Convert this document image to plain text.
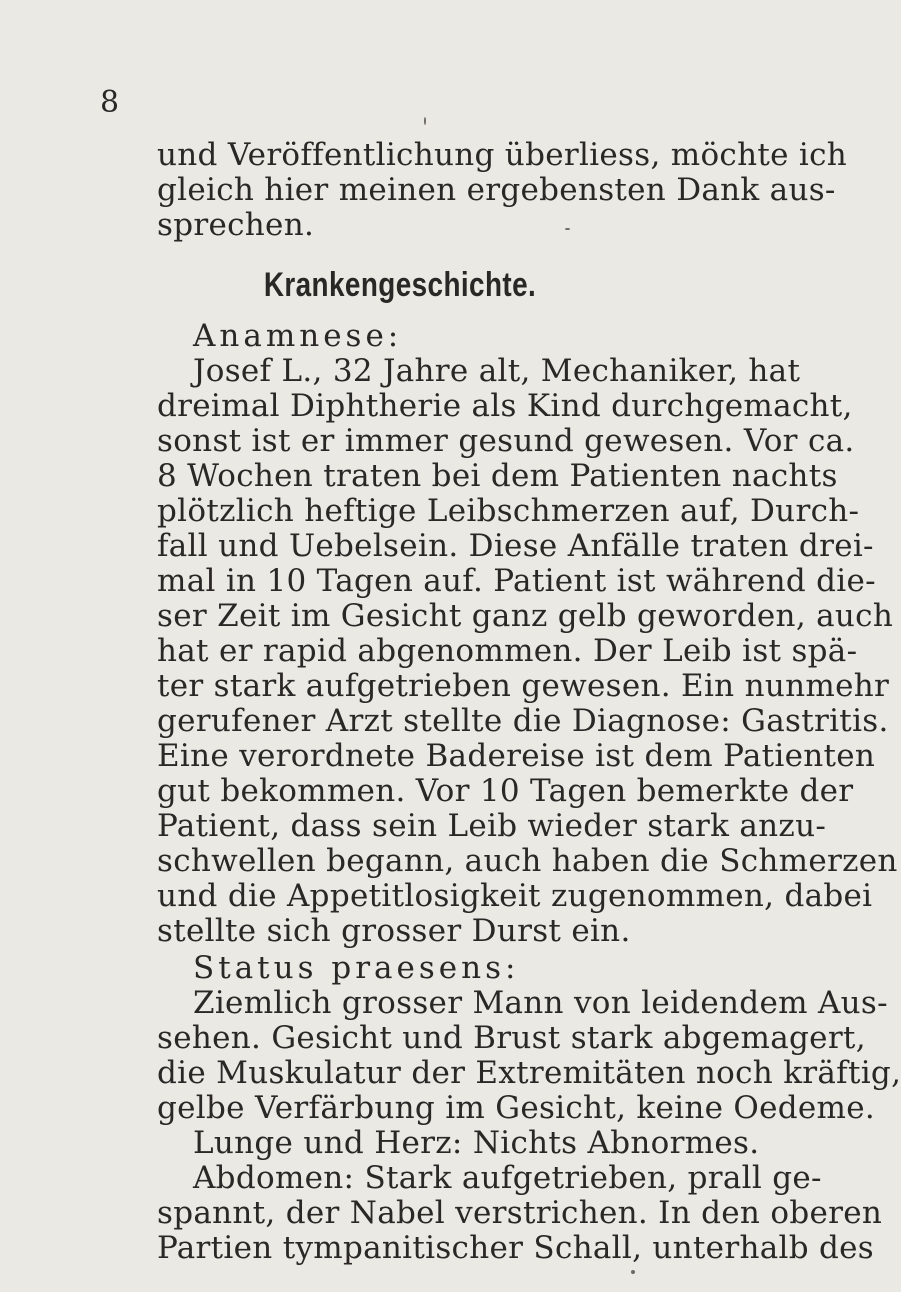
8
und Veröffentlichung überliess, möchte ich
gleich hier meinen ergebensten Dank aus-
sprechen.
Krankengeschichte.
Anamnese:
Josef L., 32 Jahre alt, Mechaniker, hat
dreimal Diphtherie als Kind durchgemacht,
sonst ist er immer gesund gewesen. Vor ca.
8 Wochen traten bei dem Patienten nachts
plötzlich heftige Leibschmerzen auf, Durch-
fall und Uebelsein. Diese Anfälle traten drei-
mal in 10 Tagen auf. Patient ist während die-
ser Zeit im Gesicht ganz gelb geworden, auch
hat er rapid abgenommen. Der Leib ist spä-
ter stark aufgetrieben gewesen. Ein nunmehr
gerufener Arzt stellte die Diagnose: Gastritis.
Eine verordnete Badereise ist dem Patienten
gut bekommen. Vor 10 Tagen bemerkte der
Patient, dass sein Leib wieder stark anzu-
schwellen begann, auch haben die Schmerzen
und die Appetitlosigkeit zugenommen, dabei
stellte sich grosser Durst ein.
Status praesens:
Ziemlich grosser Mann von leidendem Aus-
sehen. Gesicht und Brust stark abgemagert,
die Muskulatur der Extremitäten noch kräftig,
gelbe Verfärbung im Gesicht, keine Oedeme.
Lunge und Herz: Nichts Abnormes.
Abdomen: Stark aufgetrieben, prall ge-
spannt, der Nabel verstrichen. In den oberen
Partien tympanitischer Schall, unterhalb des
